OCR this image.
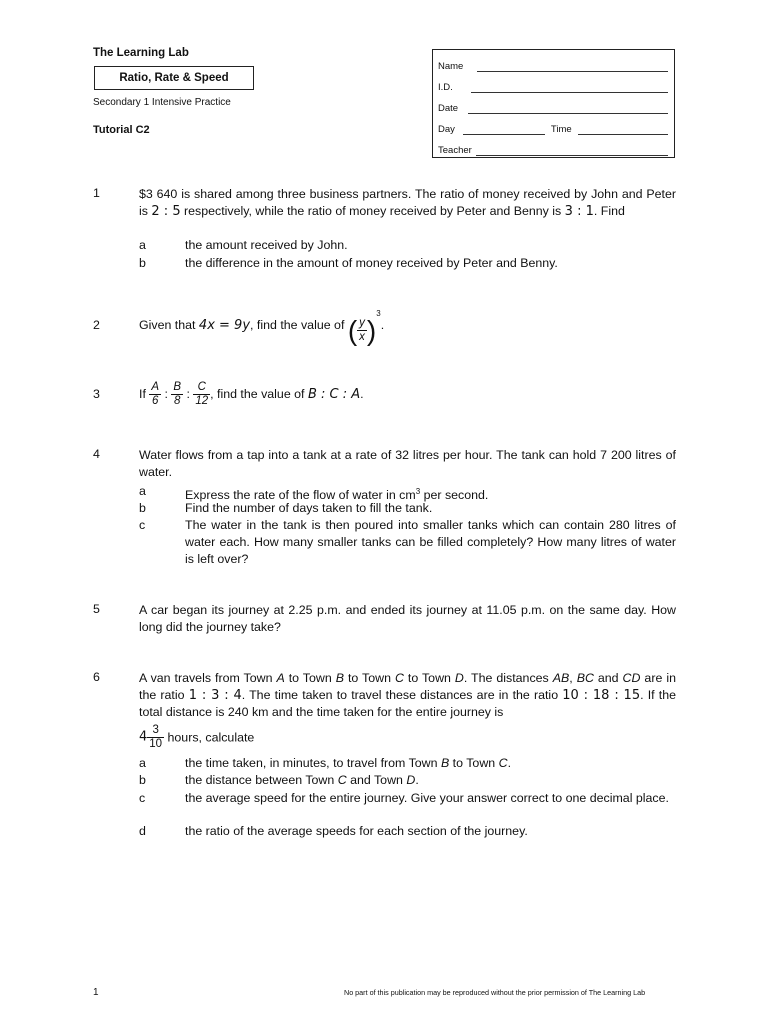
The Learning Lab
Ratio, Rate & Speed
Secondary 1 Intensive Practice
Tutorial C2
Name
I.D.
Date
Day	Time
Teacher
1	$3 640 is shared among three business partners. The ratio of money received by John and Peter is 2 : 5 respectively, while the ratio of money received by Peter and Benny is 3 : 1. Find
a	the amount received by John.
b	the difference in the amount of money received by Peter and Benny.
2	Given that 4x = 9y, find the value of ( $\frac{y}{x} )^3$.
3	If $\frac{A}{6}$ : $\frac{B}{8}$ : $\frac{C}{12}$ , find the value of B : C : A.
4	Water flows from a tap into a tank at a rate of 32 litres per hour. The tank can hold 7 200 litres of water.
a	Express the rate of the flow of water in $cm^3$ per second.
b	Find the number of days taken to fill the tank.
c	The water in the tank is then poured into smaller tanks which can contain 280 litres of water each. How many smaller tanks can be filled completely? How many litres of water is left over?
5	A car began its journey at 2.25 p.m. and ended its journey at 11.05 p.m. on the same day. How long did the journey take?
6	A van travels from Town A to Town B to Town C to Town D. The distances AB, BC and CD are in the ratio 1 : 3 : 4. The time taken to travel these distances are in the ratio 10 : 18 : 15. If the total distance is 240 km and the time taken for the entire journey is
$4 \frac{3}{10}$ hours, calculate
a	the time taken, in minutes, to travel from Town B to Town C.
b	the distance between Town C and Town D.
c	the average speed for the entire journey. Give your answer correct to one decimal place.
d	the ratio of the average speeds for each section of the journey.
1	No part of this publication may be reproduced without the prior permission of The Learning Lab
